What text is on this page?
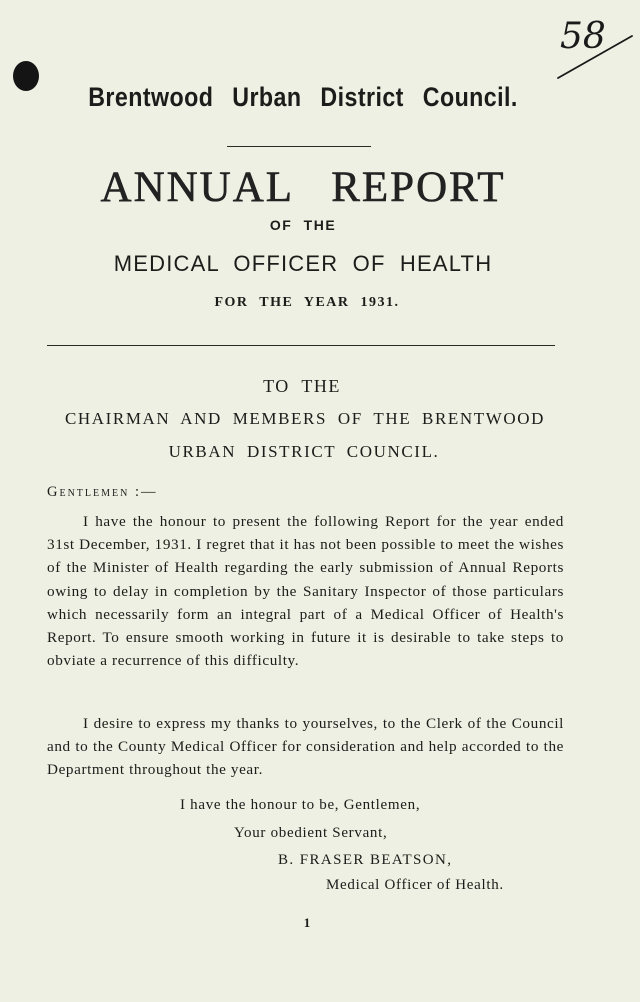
58
Brentwood Urban District Council.
ANNUAL REPORT
OF THE
MEDICAL OFFICER OF HEALTH
FOR THE YEAR 1931.
TO THE
CHAIRMAN AND MEMBERS OF THE BRENTWOOD
URBAN DISTRICT COUNCIL.
Gentlemen :—

I have the honour to present the following Report for the year ended 31st December, 1931. I regret that it has not been possible to meet the wishes of the Minister of Health regarding the early submission of Annual Reports owing to delay in completion by the Sanitary Inspector of those particulars which necessarily form an integral part of a Medical Officer of Health's Report. To ensure smooth working in future it is desirable to take steps to obviate a recurrence of this difficulty.

I desire to express my thanks to yourselves, to the Clerk of the Council and to the County Medical Officer for consideration and help accorded to the Department throughout the year.

I have the honour to be, Gentlemen,
Your obedient Servant,
B. FRASER BEATSON,
Medical Officer of Health.
1
